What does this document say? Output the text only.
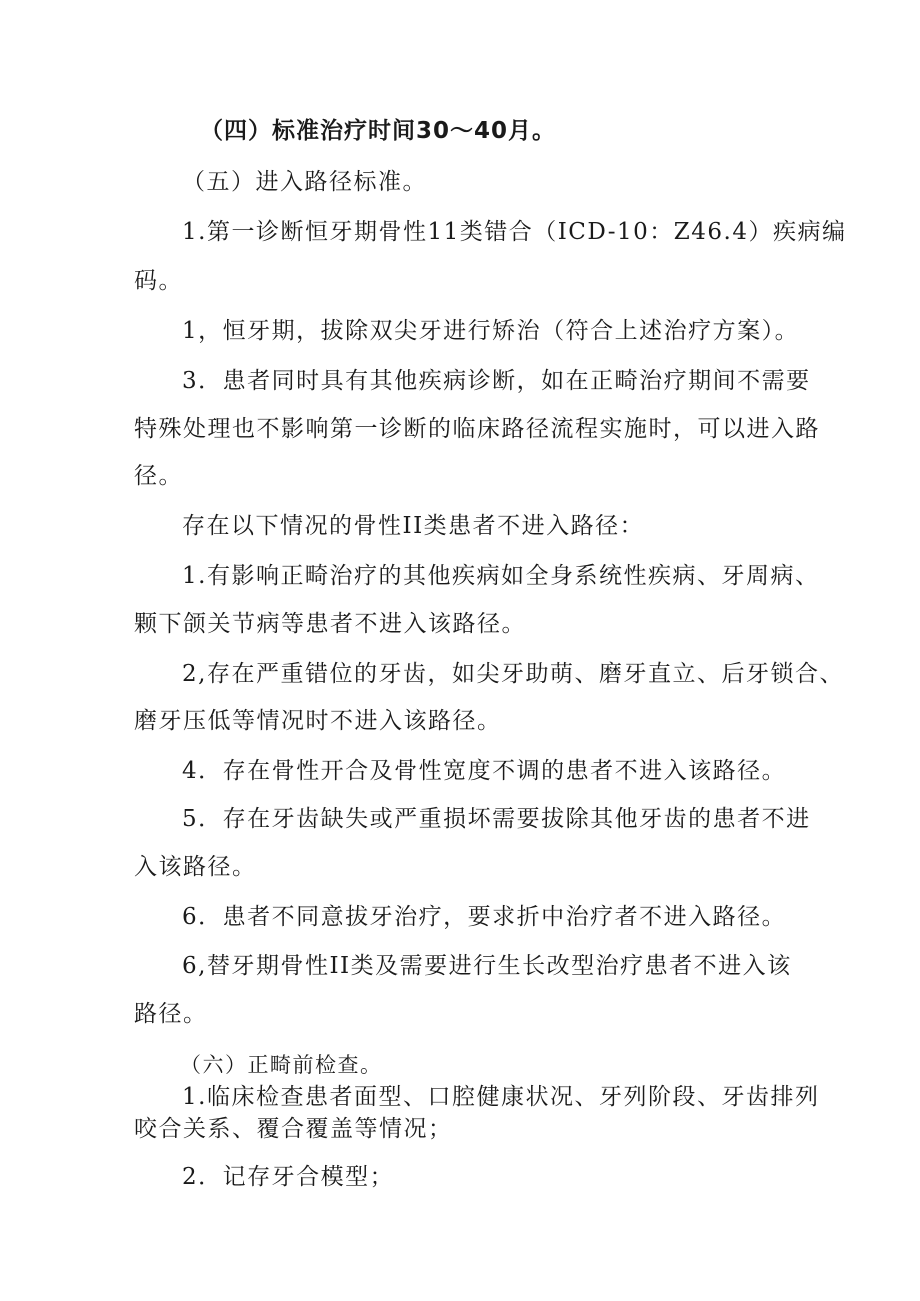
（四）标准治疗时间30～40月。
（五）进入路径标准。
1.第一诊断恒牙期骨性11类错合（ICD-10：Z46.4）疾病编
码。
1，恒牙期，拔除双尖牙进行矫治（符合上述治疗方案）。
3．患者同时具有其他疾病诊断，如在正畸治疗期间不需要
特殊处理也不影响第一诊断的临床路径流程实施时，可以进入路
径。
存在以下情况的骨性II类患者不进入路径：
1.有影响正畸治疗的其他疾病如全身系统性疾病、牙周病、
颗下颌关节病等患者不进入该路径。
2,存在严重错位的牙齿，如尖牙助萌、磨牙直立、后牙锁合、
磨牙压低等情况时不进入该路径。
4．存在骨性开合及骨性宽度不调的患者不进入该路径。
5．存在牙齿缺失或严重损坏需要拔除其他牙齿的患者不进
入该路径。
6．患者不同意拔牙治疗，要求折中治疗者不进入路径。
6,替牙期骨性II类及需要进行生长改型治疗患者不进入该
路径。
（六）正畸前检查。
1.临床检查患者面型、口腔健康状况、牙列阶段、牙齿排列
咬合关系、覆合覆盖等情况；
2．记存牙合模型；
